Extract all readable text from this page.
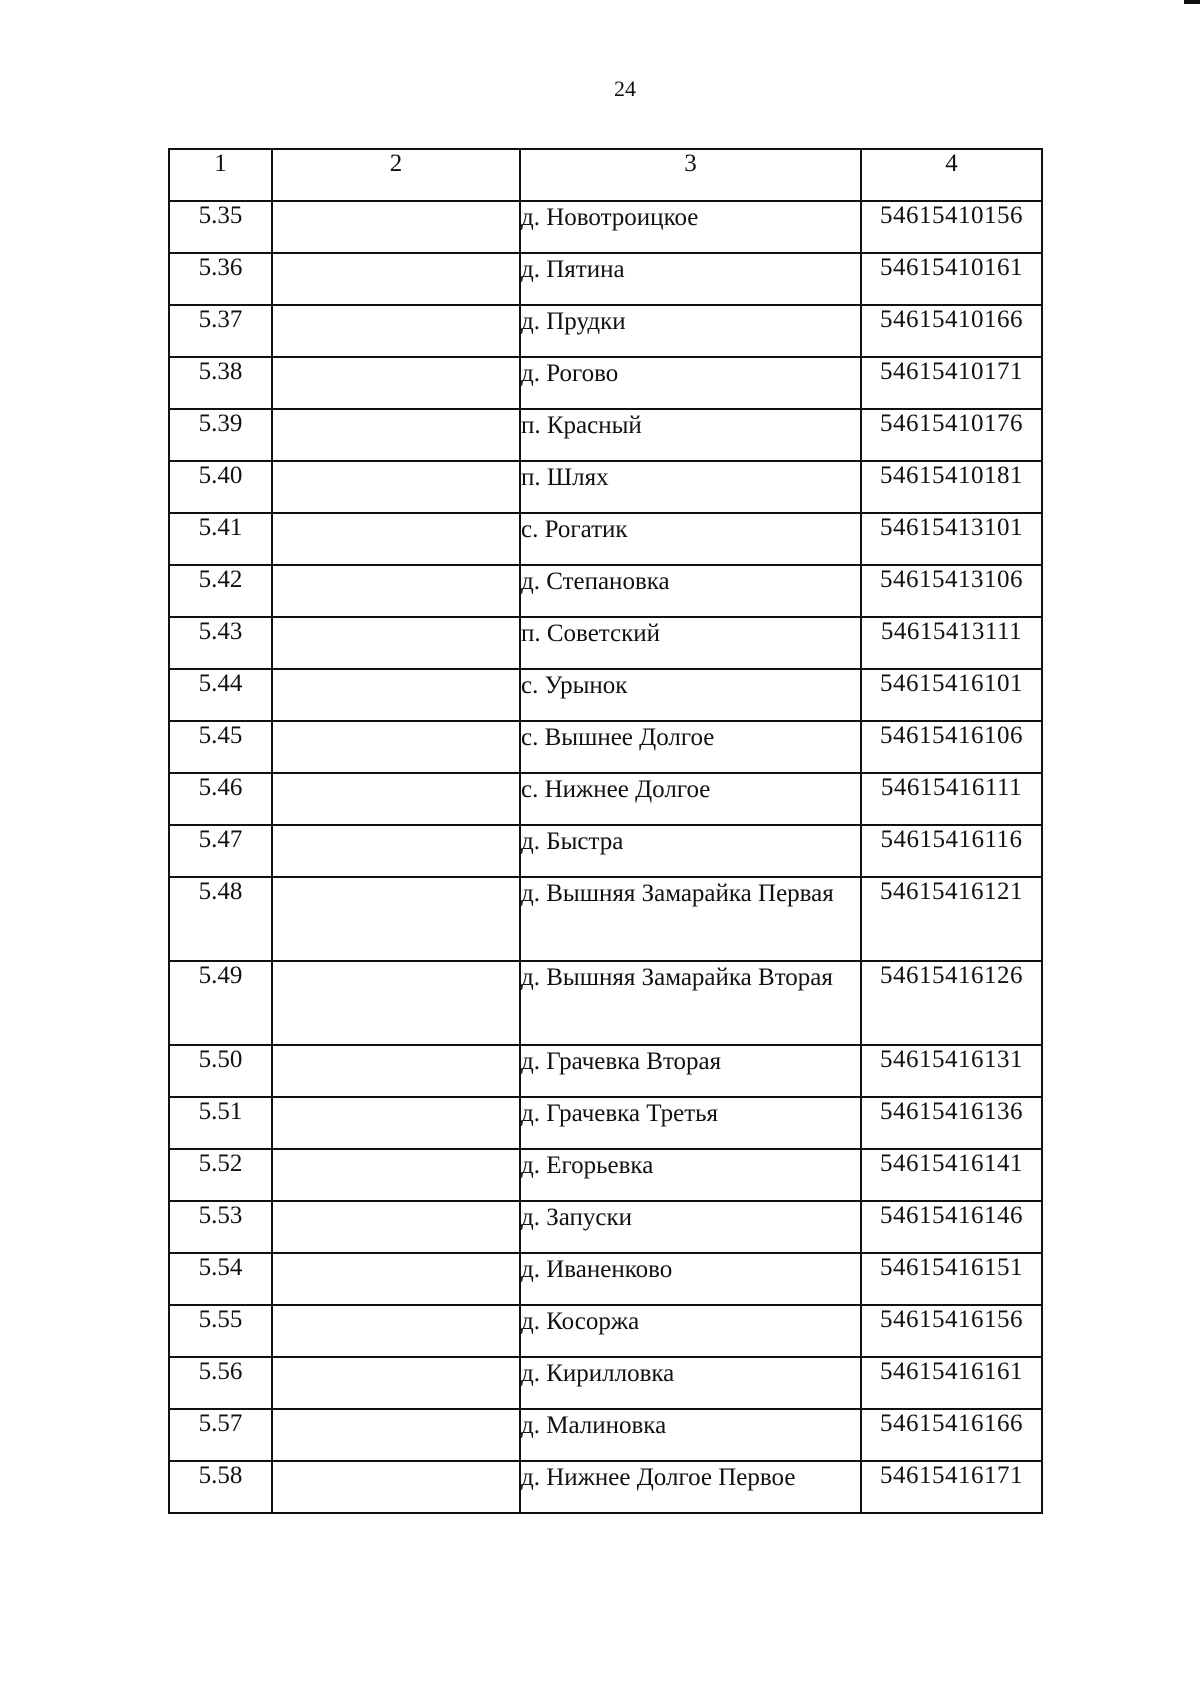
24
1	2	3	4
5.35		д. Новотроицкое	54615410156
5.36		д. Пятина	54615410161
5.37		д. Прудки	54615410166
5.38		д. Рогово	54615410171
5.39		п. Красный	54615410176
5.40		п. Шлях	54615410181
5.41		с. Рогатик	54615413101
5.42		д. Степановка	54615413106
5.43		п. Советский	54615413111
5.44		с. Урынок	54615416101
5.45		с. Вышнее Долгое	54615416106
5.46		с. Нижнее Долгое	54615416111
5.47		д. Быстра	54615416116
5.48		д. Вышняя Замарайка Первая	54615416121
5.49		д. Вышняя Замарайка Вторая	54615416126
5.50		д. Грачевка Вторая	54615416131
5.51		д. Грачевка Третья	54615416136
5.52		д. Егорьевка	54615416141
5.53		д. Запуски	54615416146
5.54		д. Иваненково	54615416151
5.55		д. Косоржа	54615416156
5.56		д. Кирилловка	54615416161
5.57		д. Малиновка	54615416166
5.58		д. Нижнее Долгое Первое	54615416171
